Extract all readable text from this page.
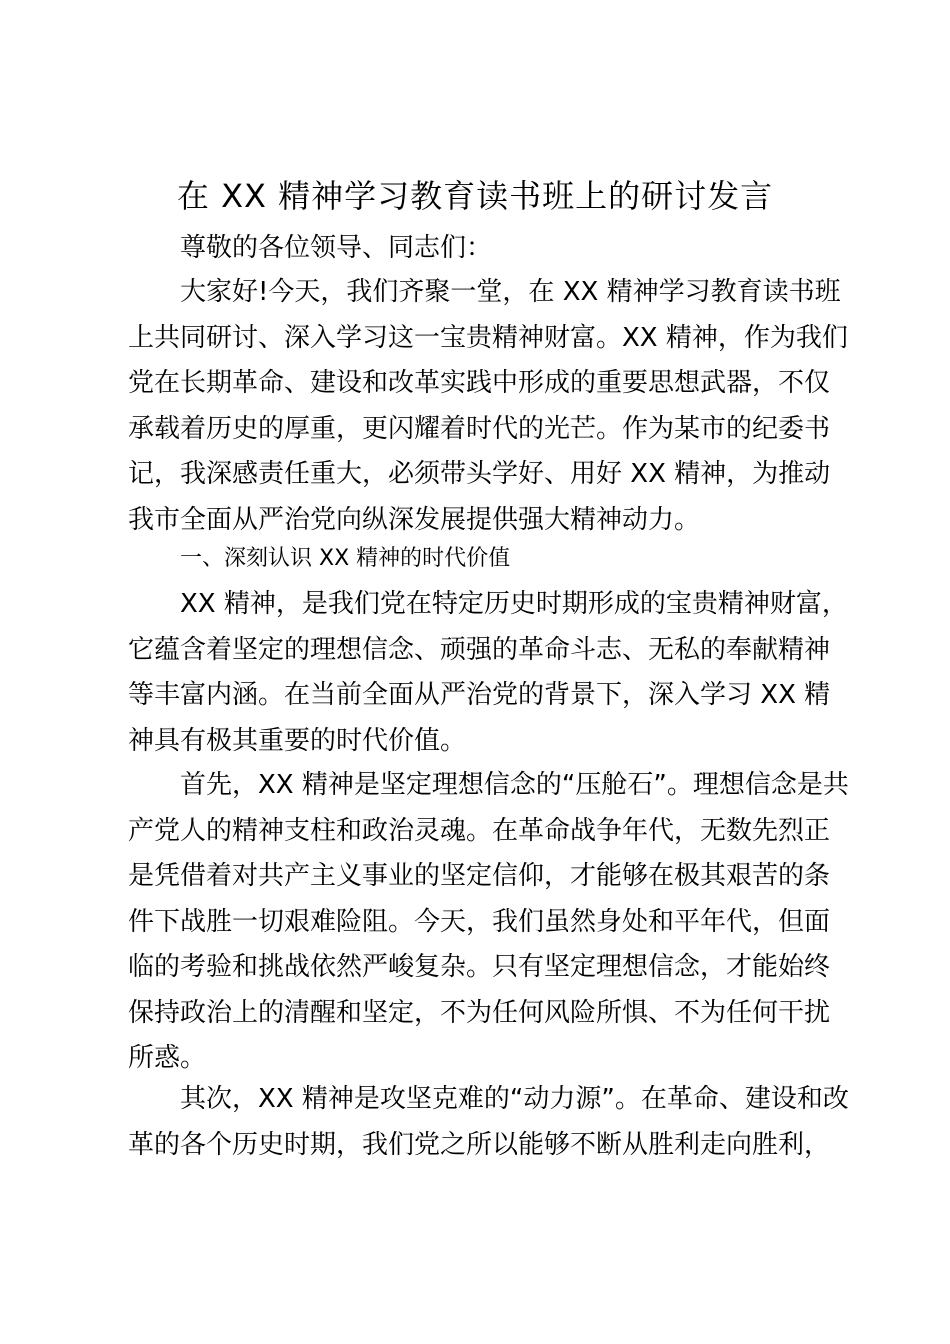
在 XX 精神学习教育读书班上的研讨发言
尊敬的各位领导、同志们：
大家好!今天，我们齐聚一堂，在 XX 精神学习教育读书班
上共同研讨、深入学习这一宝贵精神财富。XX 精神，作为我们
党在长期革命、建设和改革实践中形成的重要思想武器，不仅
承载着历史的厚重，更闪耀着时代的光芒。作为某市的纪委书
记，我深感责任重大，必须带头学好、用好 XX 精神，为推动
我市全面从严治党向纵深发展提供强大精神动力。
一、深刻认识 XX 精神的时代价值
XX 精神，是我们党在特定历史时期形成的宝贵精神财富，
它蕴含着坚定的理想信念、顽强的革命斗志、无私的奉献精神
等丰富内涵。在当前全面从严治党的背景下，深入学习 XX 精
神具有极其重要的时代价值。
首先，XX 精神是坚定理想信念的“压舱石”。理想信念是共
产党人的精神支柱和政治灵魂。在革命战争年代，无数先烈正
是凭借着对共产主义事业的坚定信仰，才能够在极其艰苦的条
件下战胜一切艰难险阻。今天，我们虽然身处和平年代，但面
临的考验和挑战依然严峻复杂。只有坚定理想信念，才能始终
保持政治上的清醒和坚定，不为任何风险所惧、不为任何干扰
所惑。
其次，XX 精神是攻坚克难的“动力源”。在革命、建设和改
革的各个历史时期，我们党之所以能够不断从胜利走向胜利，
